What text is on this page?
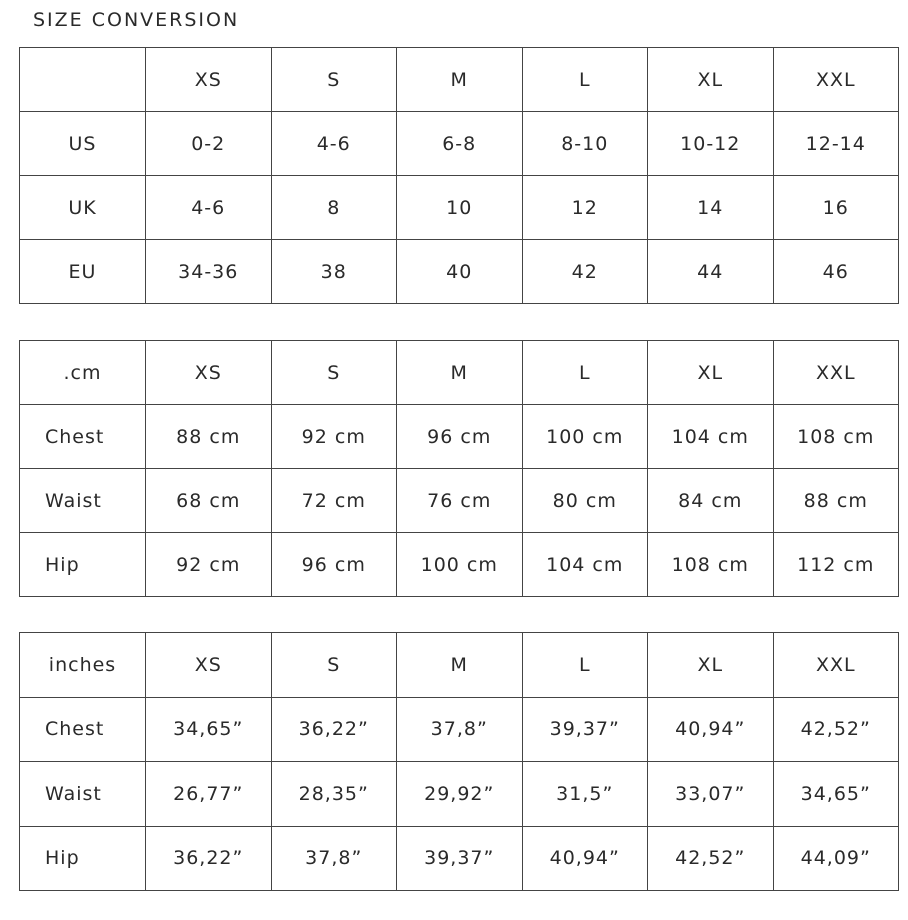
SIZE CONVERSION
	XS	S	M	L	XL	XXL
US	0-2	4-6	6-8	8-10	10-12	12-14
UK	4-6	8	10	12	14	16
EU	34-36	38	40	42	44	46
.cm	XS	S	M	L	XL	XXL
Chest	88 cm	92 cm	96 cm	100 cm	104 cm	108 cm
Waist	68 cm	72 cm	76 cm	80 cm	84 cm	88 cm
Hip	92 cm	96 cm	100 cm	104 cm	108 cm	112 cm
inches	XS	S	M	L	XL	XXL
Chest	34,65”	36,22”	37,8”	39,37”	40,94”	42,52”
Waist	26,77”	28,35”	29,92”	31,5”	33,07”	34,65”
Hip	36,22”	37,8”	39,37”	40,94”	42,52”	44,09”
